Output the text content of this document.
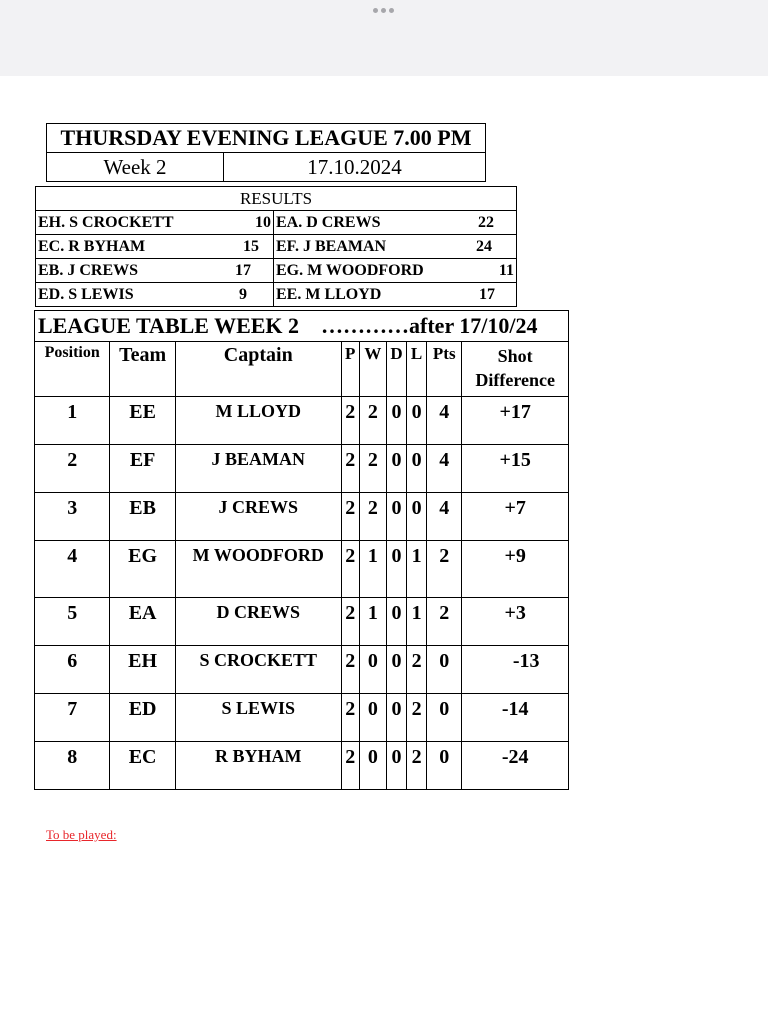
THURSDAY EVENING LEAGUE 7.00 PM
Week 2	17.10.2024
RESULTS	

EH. S CROCKETT 10	EA. D CREWS 22

EC. R BYHAM 15	EF. J BEAMAN 24

EB. J CREWS 17	EG. M WOODFORD 11

ED. S LEWIS 9	EE. M LLOYD 17
LEAGUE TABLE WEEK 2    …………after 17/10/24								
Position	Team	Captain	P	W	D	L	Pts	Shot
Difference

1	EE	M LLOYD	2	2	0	0	4	+17
2	EF	J BEAMAN	2	2	0	0	4	+15
3	EB	J CREWS	2	2	0	0	4	+7
4	EG	M WOODFORD	2	1	0	1	2	+9
5	EA	D CREWS	2	1	0	1	2	+3
6	EH	S CROCKETT	2	0	0	2	0	-13
7	ED	S LEWIS	2	0	0	2	0	-14
8	EC	R BYHAM	2	0	0	2	0	-24
To be played:
